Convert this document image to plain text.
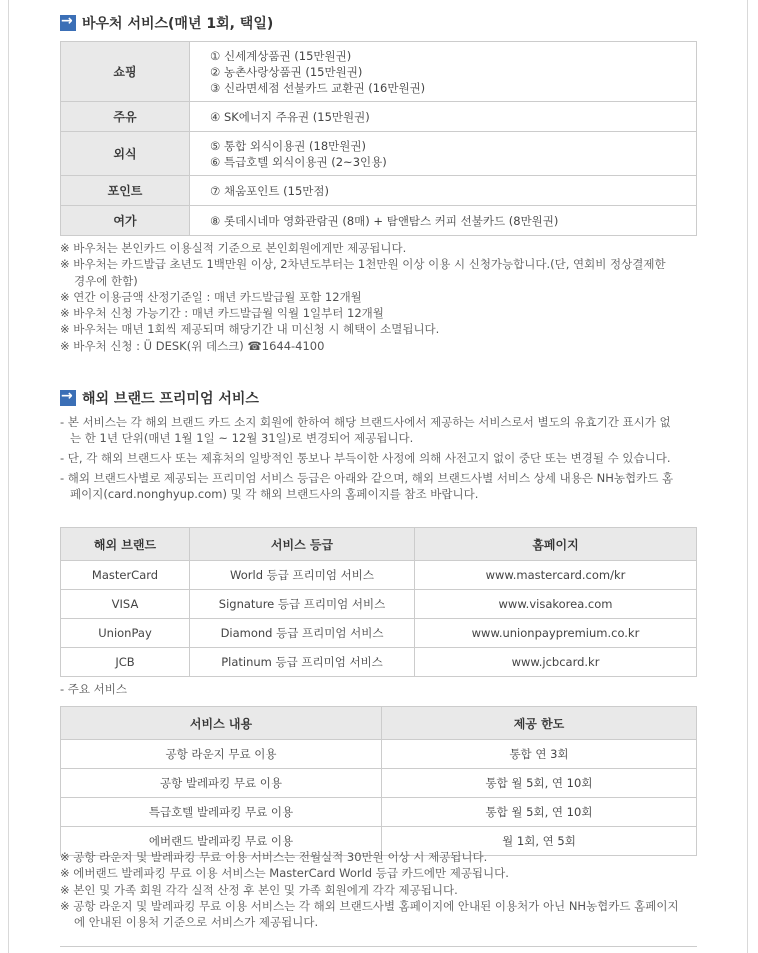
→
바우처 서비스(매년 1회, 택일)
쇼핑	① 신세계상품권 (15만원권)
② 농촌사랑상품권 (15만원권)
③ 신라면세점 선불카드 교환권 (16만원권)

주유	④ SK에너지 주유권 (15만원권)

외식	⑤ 통합 외식이용권 (18만원권)
⑥ 특급호텔 외식이용권 (2~3인용)

포인트	⑦ 채움포인트 (15만점)

여가	⑧ 롯데시네마 영화관람권 (8매) + 탐앤탐스 커피 선불카드 (8만원권)
※ 바우처는 본인카드 이용실적 기준으로 본인회원에게만 제공됩니다.
※ 바우처는 카드발급 초년도 1백만원 이상, 2차년도부터는 1천만원 이상 이용 시 신청가능합니다.(단, 연회비 정상결제한 경우에 한함)
※ 연간 이용금액 산정기준일 : 매년 카드발급월 포함 12개월
※ 바우처 신청 가능기간 : 매년 카드발급월 익월 1일부터 12개월
※ 바우처는 매년 1회씩 제공되며 해당기간 내 미신청 시 혜택이 소멸됩니다.
※ 바우처 신청 : Ü DESK(위 데스크) ☎1644-4100
→
해외 브랜드 프리미엄 서비스
- 본 서비스는 각 해외 브랜드 카드 소지 회원에 한하여 해당 브랜드사에서 제공하는 서비스로서 별도의 유효기간 표시가 없는 한 1년 단위(매년 1월 1일 ~ 12월 31일)로 변경되어 제공됩니다.
- 단, 각 해외 브랜드사 또는 제휴처의 일방적인 통보나 부득이한 사정에 의해 사전고지 없이 중단 또는 변경될 수 있습니다.
- 해외 브랜드사별로 제공되는 프리미엄 서비스 등급은 아래와 같으며, 해외 브랜드사별 서비스 상세 내용은 NH농협카드 홈페이지(card.nonghyup.com) 및 각 해외 브랜드사의 홈페이지를 참조 바랍니다.
해외 브랜드	서비스 등급	홈페이지
MasterCard	World 등급 프리미엄 서비스	www.mastercard.com/kr
VISA	Signature 등급 프리미엄 서비스	www.visakorea.com
UnionPay	Diamond 등급 프리미엄 서비스	www.unionpaypremium.co.kr
JCB	Platinum 등급 프리미엄 서비스	www.jcbcard.kr
- 주요 서비스
서비스 내용	제공 한도
공항 라운지 무료 이용	통합 연 3회
공항 발레파킹 무료 이용	통합 월 5회, 연 10회
특급호텔 발레파킹 무료 이용	통합 월 5회, 연 10회
에버랜드 발레파킹 무료 이용	월 1회, 연 5회
※ 공항 라운지 및 발레파킹 무료 이용 서비스는 전월실적 30만원 이상 시 제공됩니다.
※ 에버랜드 발레파킹 무료 이용 서비스는 MasterCard World 등급 카드에만 제공됩니다.
※ 본인 및 가족 회원 각각 실적 산정 후 본인 및 가족 회원에게 각각 제공됩니다.
※ 공항 라운지 및 발레파킹 무료 이용 서비스는 각 해외 브랜드사별 홈페이지에 안내된 이용처가 아닌 NH농협카드 홈페이지에 안내된 이용처 기준으로 서비스가 제공됩니다.
